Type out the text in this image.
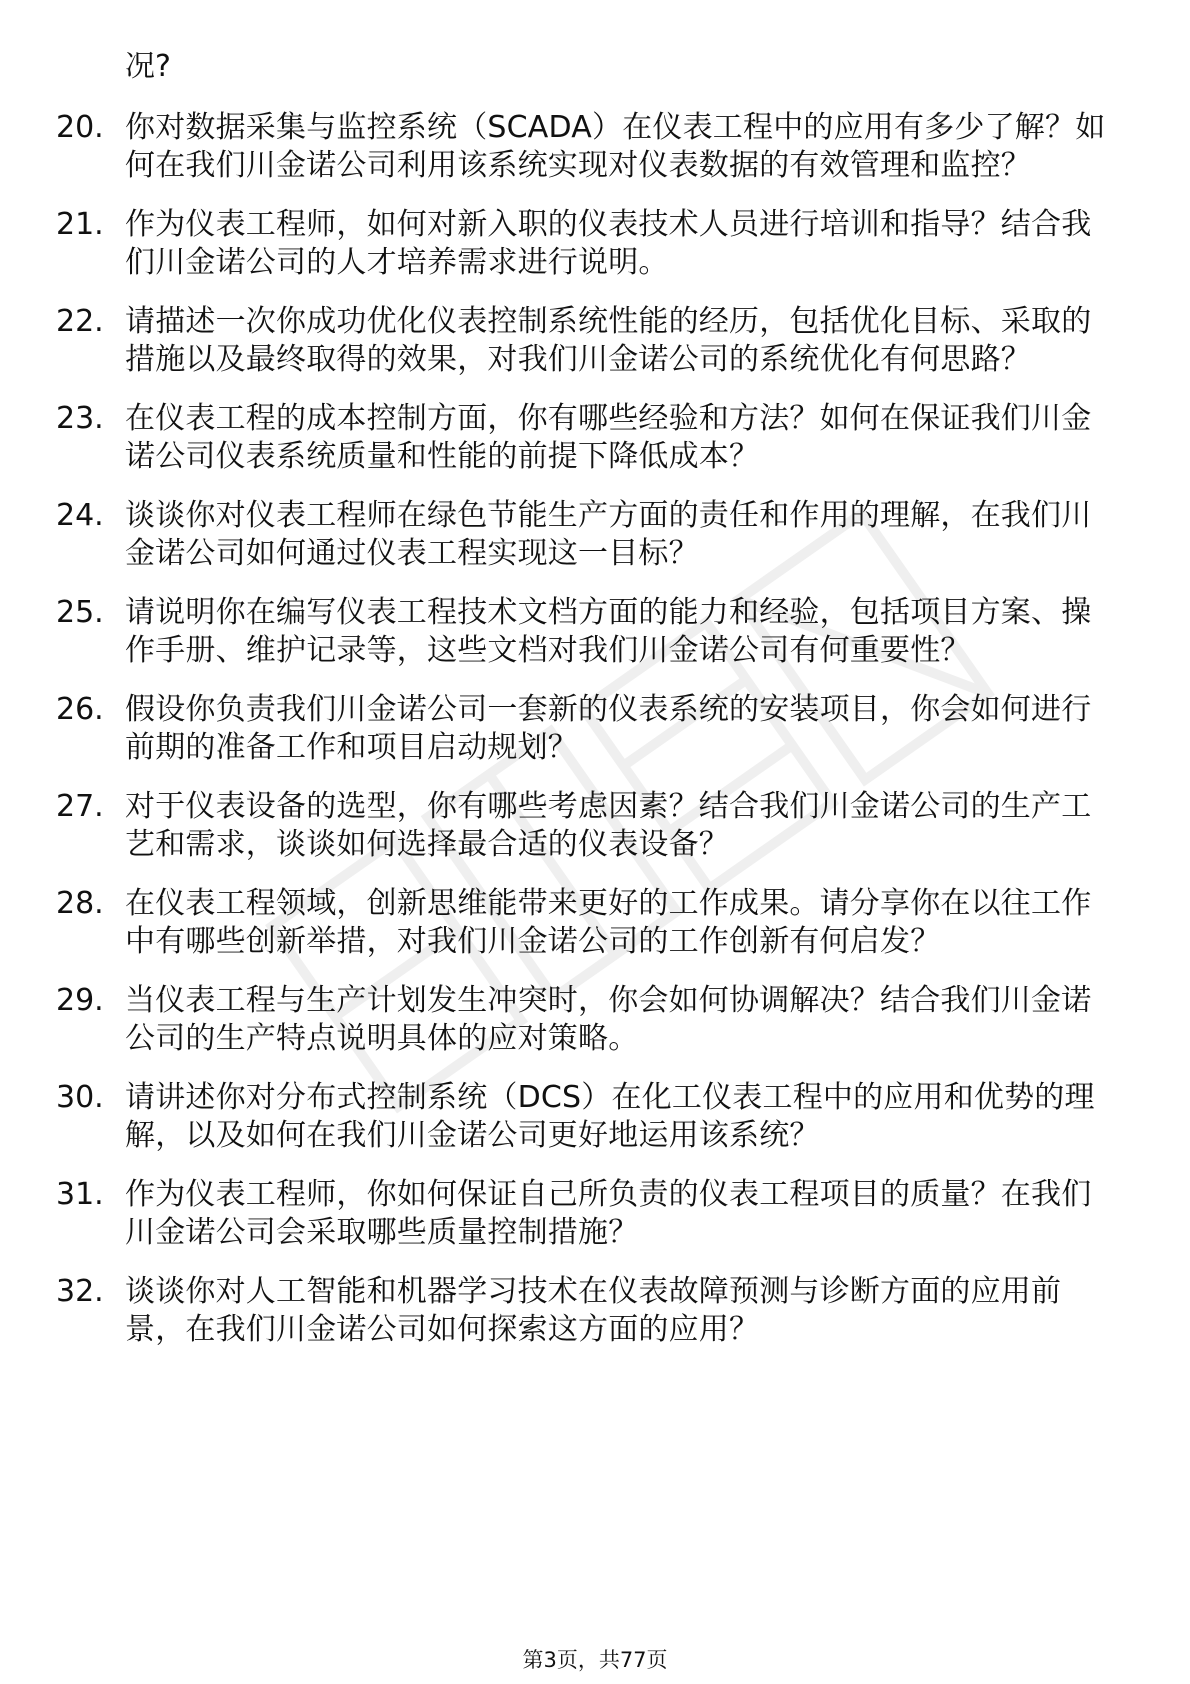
况?

20. 你对数据采集与监控系统（SCADA）在仪表工程中的应用有多少了解？如何在我们川金诺公司利用该系统实现对仪表数据的有效管理和监控？

21. 作为仪表工程师，如何对新入职的仪表技术人员进行培训和指导？结合我们川金诺公司的人才培养需求进行说明。

22. 请描述一次你成功优化仪表控制系统性能的经历，包括优化目标、采取的措施以及最终取得的效果，对我们川金诺公司的系统优化有何思路？

23. 在仪表工程的成本控制方面，你有哪些经验和方法？如何在保证我们川金诺公司仪表系统质量和性能的前提下降低成本？

24. 谈谈你对仪表工程师在绿色节能生产方面的责任和作用的理解，在我们川金诺公司如何通过仪表工程实现这一目标？

25. 请说明你在编写仪表工程技术文档方面的能力和经验，包括项目方案、操作手册、维护记录等，这些文档对我们川金诺公司有何重要性？

26. 假设你负责我们川金诺公司一套新的仪表系统的安装项目，你会如何进行前期的准备工作和项目启动规划？

27. 对于仪表设备的选型，你有哪些考虑因素？结合我们川金诺公司的生产工艺和需求，谈谈如何选择最合适的仪表设备？

28. 在仪表工程领域，创新思维能带来更好的工作成果。请分享你在以往工作中有哪些创新举措，对我们川金诺公司的工作创新有何启发？

29. 当仪表工程与生产计划发生冲突时，你会如何协调解决？结合我们川金诺公司的生产特点说明具体的应对策略。

30. 请讲述你对分布式控制系统（DCS）在化工仪表工程中的应用和优势的理解，以及如何在我们川金诺公司更好地运用该系统？

31. 作为仪表工程师，你如何保证自己所负责的仪表工程项目的质量？在我们川金诺公司会采取哪些质量控制措施？

32. 谈谈你对人工智能和机器学习技术在仪表故障预测与诊断方面的应用前景，在我们川金诺公司如何探索这方面的应用？

第3页，共77页
